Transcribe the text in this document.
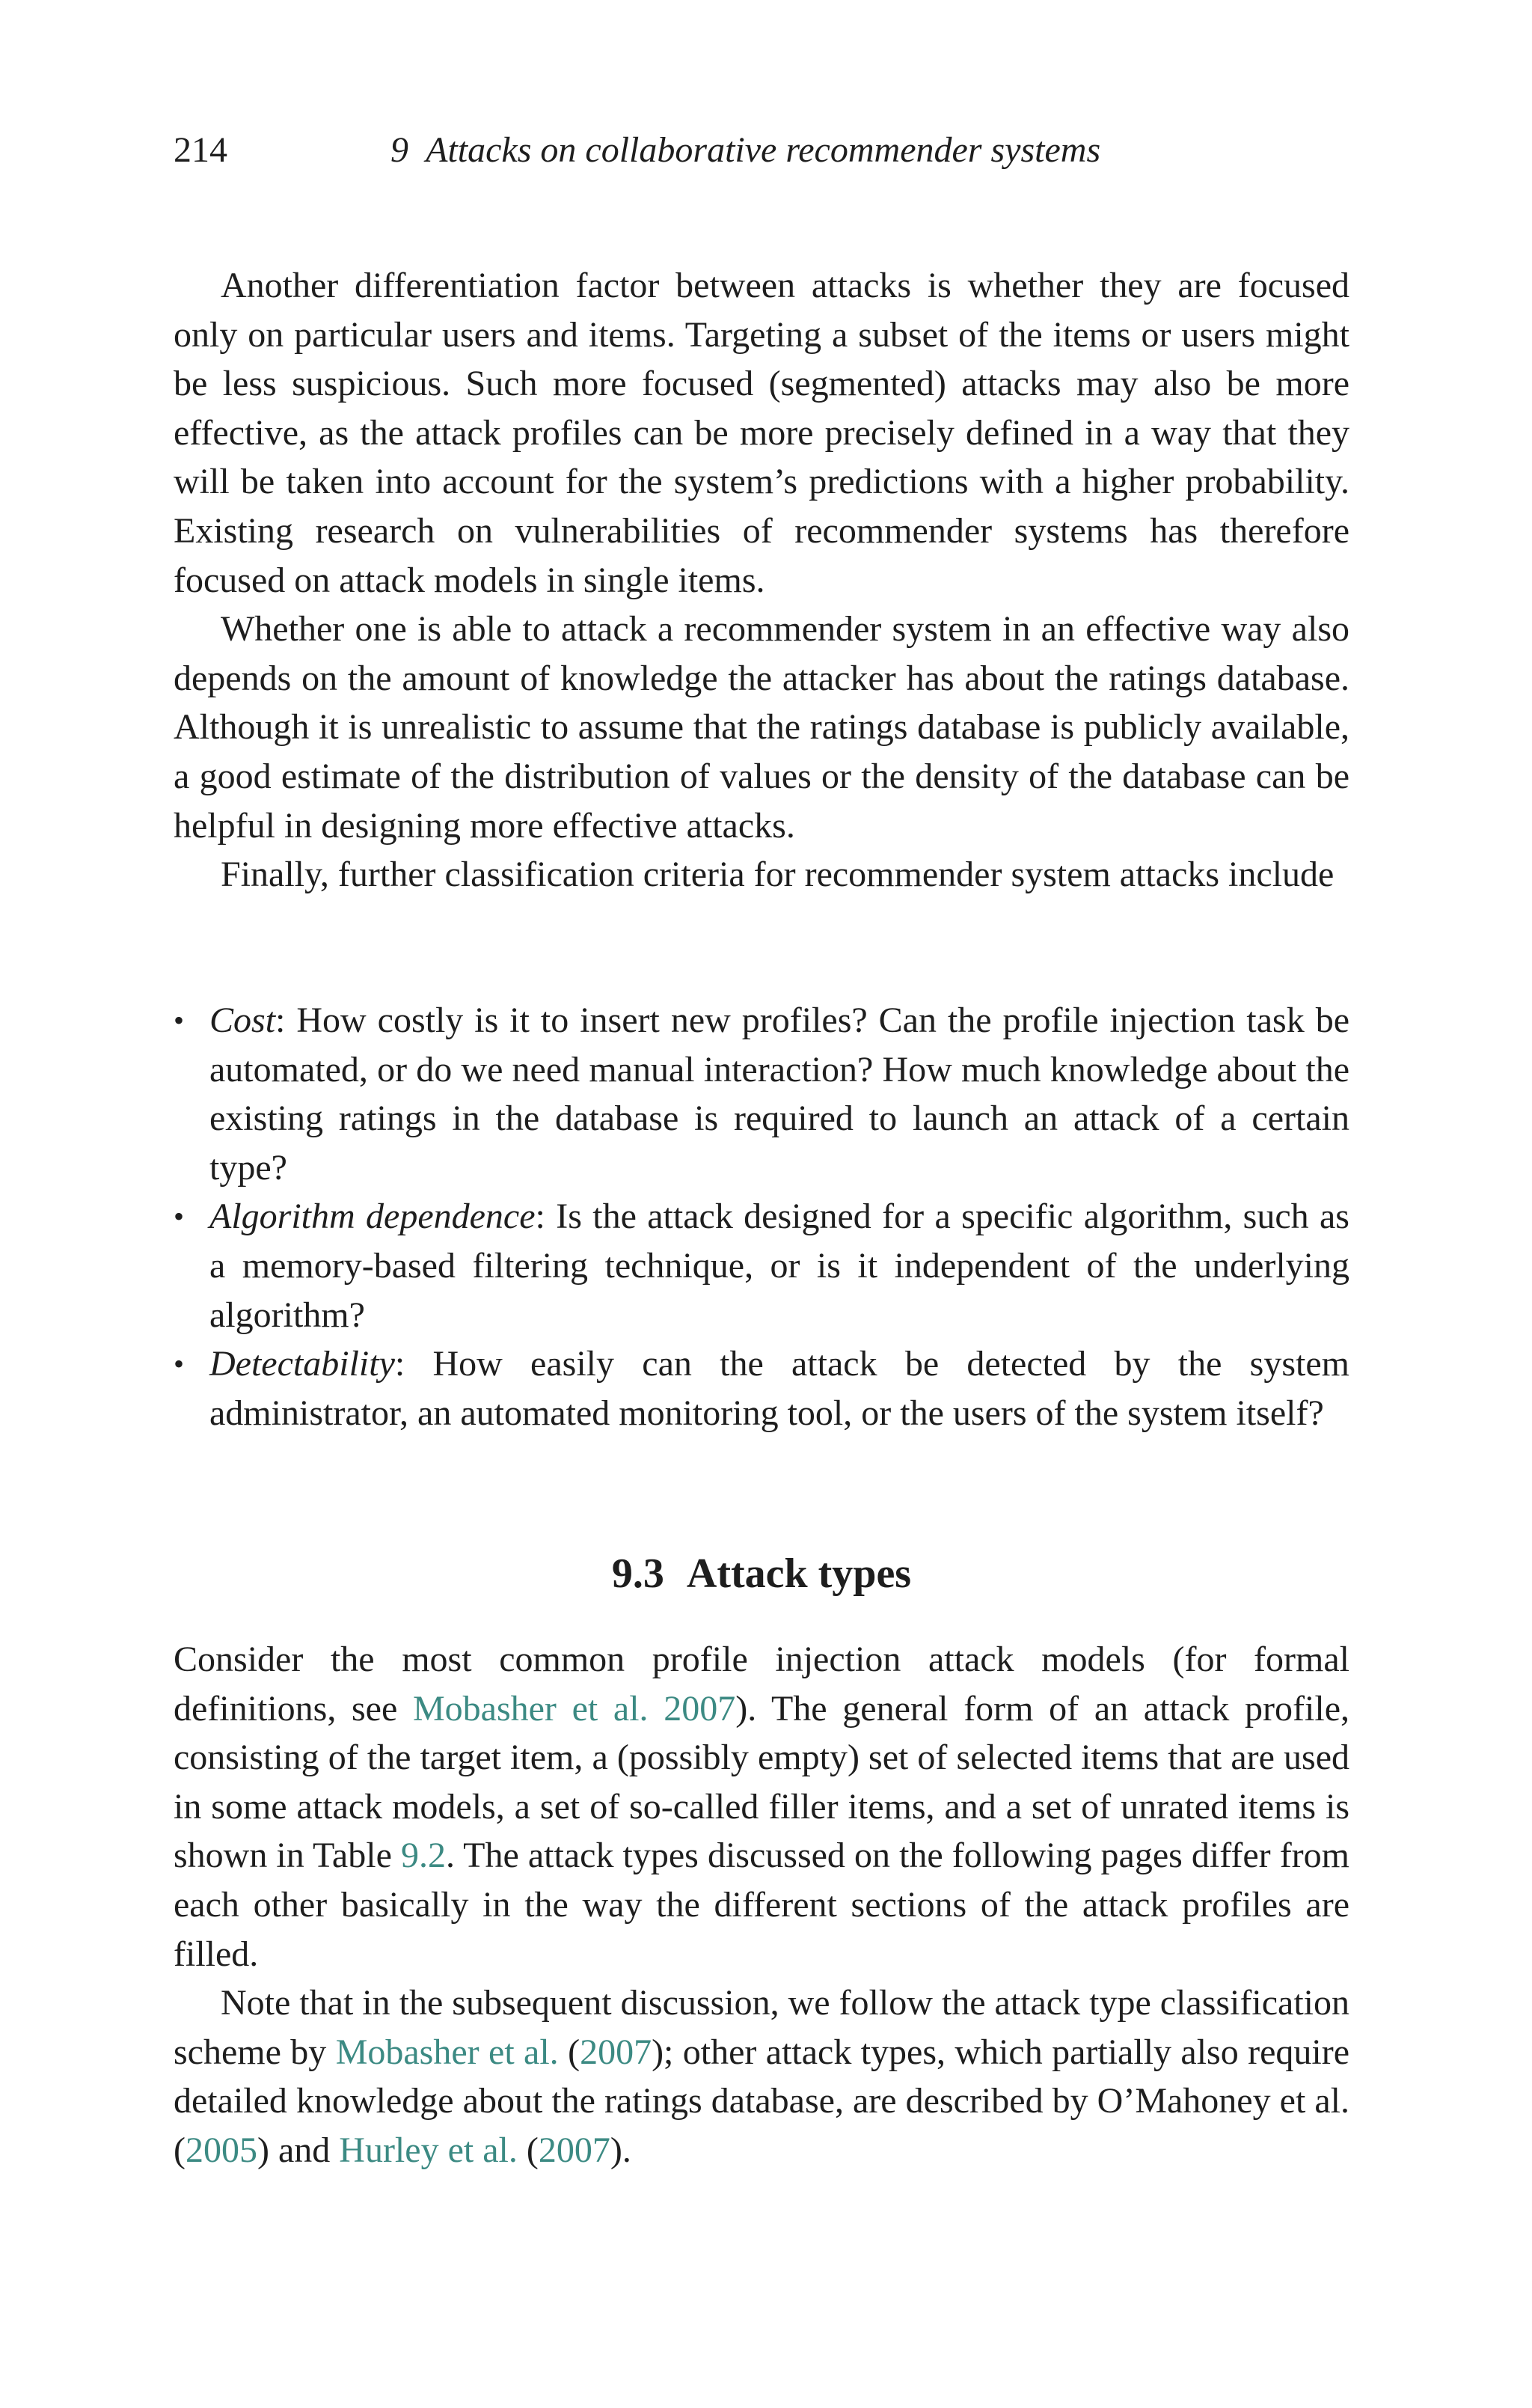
214	9  Attacks on collaborative recommender systems

Another differentiation factor between attacks is whether they are focused only on particular users and items. Targeting a subset of the items or users might be less suspicious. Such more focused (segmented) attacks may also be more effective, as the attack profiles can be more precisely defined in a way that they will be taken into account for the system’s predictions with a higher probability. Existing research on vulnerabilities of recommender systems has therefore focused on attack models in single items.

Whether one is able to attack a recommender system in an effective way also depends on the amount of knowledge the attacker has about the ratings database. Although it is unrealistic to assume that the ratings database is publicly available, a good estimate of the distribution of values or the density of the database can be helpful in designing more effective attacks.

Finally, further classification criteria for recommender system attacks include

• Cost: How costly is it to insert new profiles? Can the profile injection task be automated, or do we need manual interaction? How much knowledge about the existing ratings in the database is required to launch an attack of a certain type?
• Algorithm dependence: Is the attack designed for a specific algorithm, such as a memory-based filtering technique, or is it independent of the underlying algorithm?
• Detectability: How easily can the attack be detected by the system administrator, an automated monitoring tool, or the users of the system itself?
9.3 Attack types

Consider the most common profile injection attack models (for formal definitions, see Mobasher et al. 2007). The general form of an attack profile, consisting of the target item, a (possibly empty) set of selected items that are used in some attack models, a set of so-called filler items, and a set of unrated items is shown in Table 9.2. The attack types discussed on the following pages differ from each other basically in the way the different sections of the attack profiles are filled.

Note that in the subsequent discussion, we follow the attack type classification scheme by Mobasher et al. (2007); other attack types, which partially also require detailed knowledge about the ratings database, are described by O’Mahoney et al. (2005) and Hurley et al. (2007).
